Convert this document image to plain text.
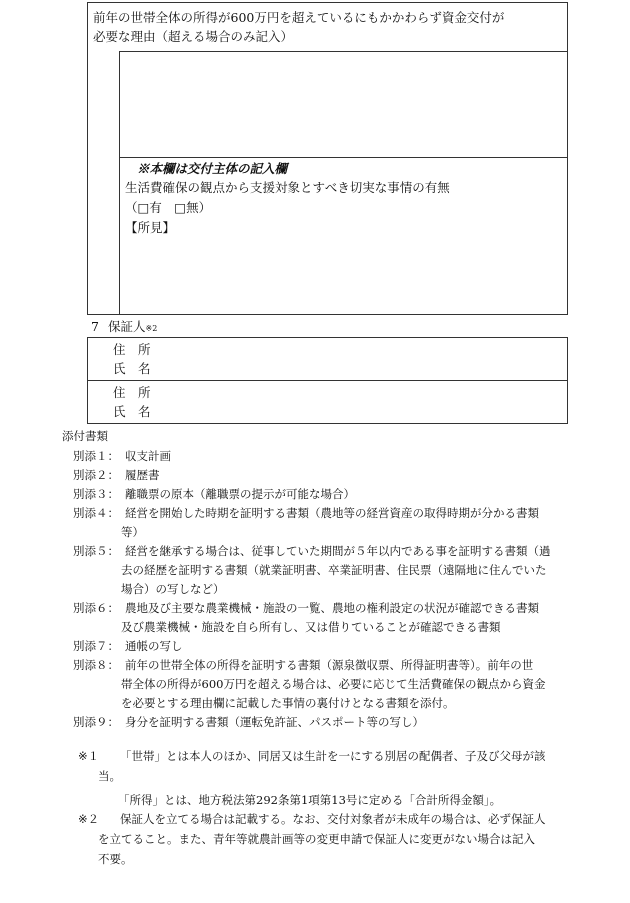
前年の世帯全体の所得が600万円を超えているにもかかわらず資金交付が
必要な理由（超える場合のみ記入）
※本欄は交付主体の記入欄
生活費確保の観点から支援対象とすべき切実な事情の有無
（□有　□無）
【所見】
7 保証人※2
住　所
氏　名
住　所
氏　名
添付書類
別添１： 収支計画
別添２： 履歴書
別添３： 離職票の原本（離職票の提示が可能な場合）
別添４： 経営を開始した時期を証明する書類（農地等の経営資産の取得時期が分かる書類
等）
別添５： 経営を継承する場合は、従事していた期間が５年以内である事を証明する書類（過
去の経歴を証明する書類（就業証明書、卒業証明書、住民票（遠隔地に住んでいた
場合）の写しなど）
別添６： 農地及び主要な農業機械・施設の一覧、農地の権利設定の状況が確認できる書類
及び農業機械・施設を自ら所有し、又は借りていることが確認できる書類
別添７： 通帳の写し
別添８： 前年の世帯全体の所得を証明する書類（源泉徴収票、所得証明書等）。前年の世
帯全体の所得が600万円を超える場合は、必要に応じて生活費確保の観点から資金
を必要とする理由欄に記載した事情の裏付けとなる書類を添付。
別添９： 身分を証明する書類（運転免許証、パスポート等の写し）
※１ 「世帯」とは本人のほか、同居又は生計を一にする別居の配偶者、子及び父母が該
当。
「所得」とは、地方税法第292条第1項第13号に定める「合計所得金額」。
※２ 保証人を立てる場合は記載する。なお、交付対象者が未成年の場合は、必ず保証人
を立てること。また、青年等就農計画等の変更申請で保証人に変更がない場合は記入
不要。
